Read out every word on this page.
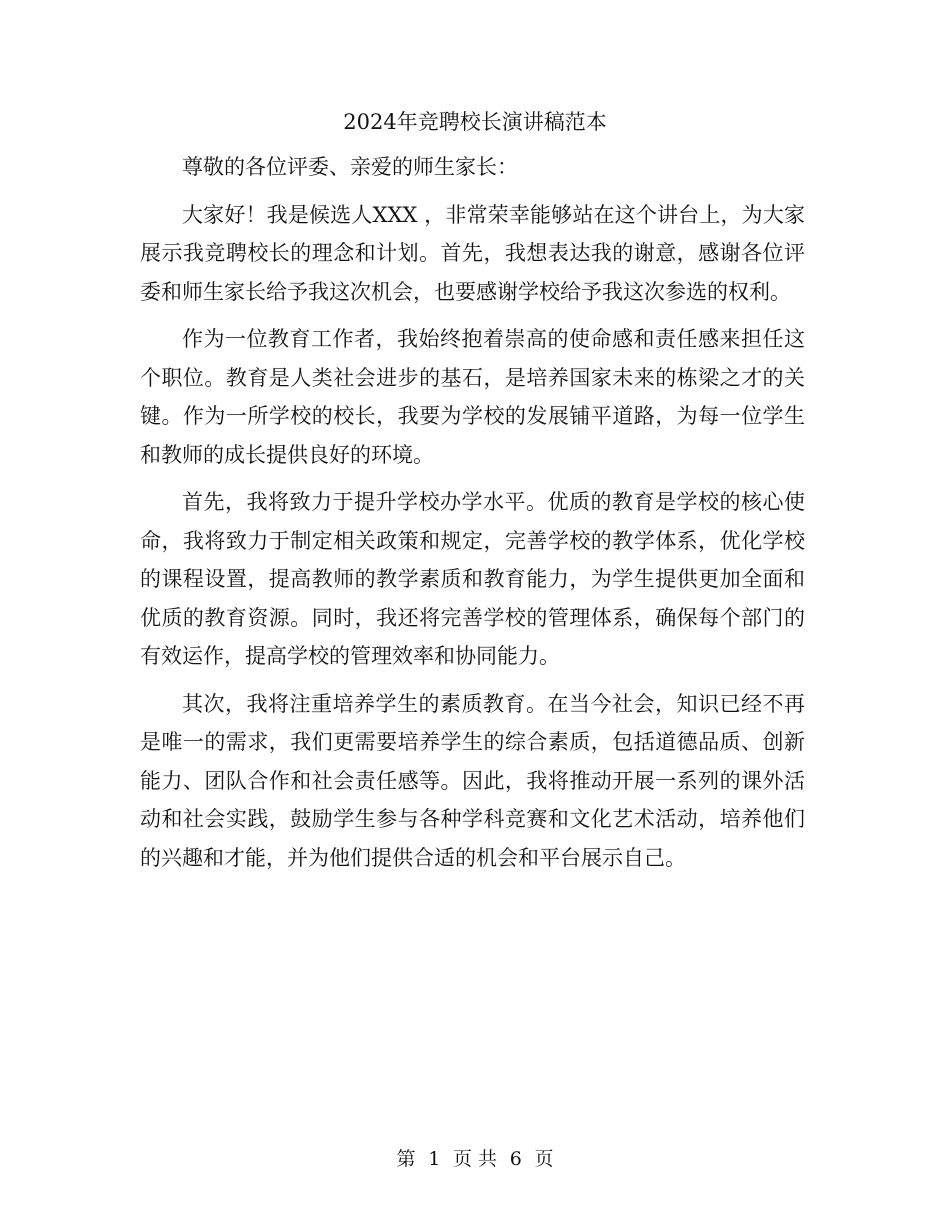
2024年竞聘校长演讲稿范本

尊敬的各位评委、亲爱的师生家长：

大家好！我是候选人XXX ，非常荣幸能够站在这个讲台上，为大家展示我竞聘校长的理念和计划。首先，我想表达我的谢意，感谢各位评委和师生家长给予我这次机会，也要感谢学校给予我这次参选的权利。

作为一位教育工作者，我始终抱着崇高的使命感和责任感来担任这个职位。教育是人类社会进步的基石，是培养国家未来的栋梁之才的关键。作为一所学校的校长，我要为学校的发展铺平道路，为每一位学生和教师的成长提供良好的环境。

首先，我将致力于提升学校办学水平。优质的教育是学校的核心使命，我将致力于制定相关政策和规定，完善学校的教学体系，优化学校的课程设置，提高教师的教学素质和教育能力，为学生提供更加全面和优质的教育资源。同时，我还将完善学校的管理体系，确保每个部门的有效运作，提高学校的管理效率和协同能力。

其次，我将注重培养学生的素质教育。在当今社会，知识已经不再是唯一的需求，我们更需要培养学生的综合素质，包括道德品质、创新能力、团队合作和社会责任感等。因此，我将推动开展一系列的课外活动和社会实践，鼓励学生参与各种学科竞赛和文化艺术活动，培养他们的兴趣和才能，并为他们提供合适的机会和平台展示自己。

第 1 页 共 6 页
